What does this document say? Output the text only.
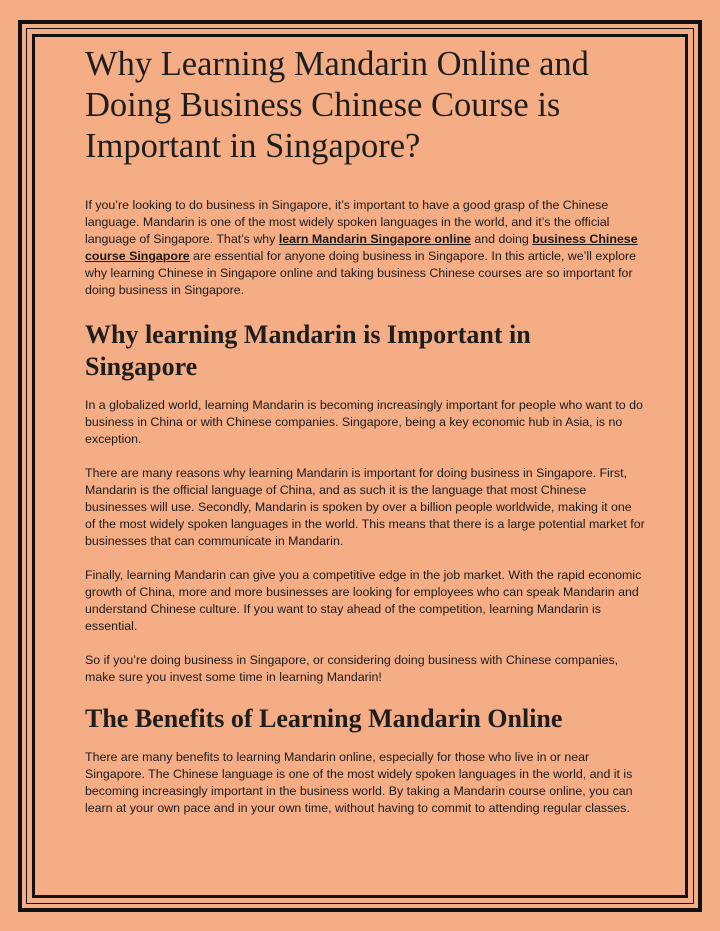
Why Learning Mandarin Online and Doing Business Chinese Course is Important in Singapore?

If you’re looking to do business in Singapore, it’s important to have a good grasp of the Chinese language. Mandarin is one of the most widely spoken languages in the world, and it’s the official language of Singapore. That’s why learn Mandarin Singapore online and doing business Chinese course Singapore are essential for anyone doing business in Singapore. In this article, we’ll explore why learning Chinese in Singapore online and taking business Chinese courses are so important for doing business in Singapore.

Why learning Mandarin is Important in Singapore

In a globalized world, learning Mandarin is becoming increasingly important for people who want to do business in China or with Chinese companies. Singapore, being a key economic hub in Asia, is no exception.

There are many reasons why learning Mandarin is important for doing business in Singapore. First, Mandarin is the official language of China, and as such it is the language that most Chinese businesses will use. Secondly, Mandarin is spoken by over a billion people worldwide, making it one of the most widely spoken languages in the world. This means that there is a large potential market for businesses that can communicate in Mandarin.

Finally, learning Mandarin can give you a competitive edge in the job market. With the rapid economic growth of China, more and more businesses are looking for employees who can speak Mandarin and understand Chinese culture. If you want to stay ahead of the competition, learning Mandarin is essential.

So if you’re doing business in Singapore, or considering doing business with Chinese companies, make sure you invest some time in learning Mandarin!

The Benefits of Learning Mandarin Online

There are many benefits to learning Mandarin online, especially for those who live in or near Singapore. The Chinese language is one of the most widely spoken languages in the world, and it is becoming increasingly important in the business world. By taking a Mandarin course online, you can learn at your own pace and in your own time, without having to commit to attending regular classes.
